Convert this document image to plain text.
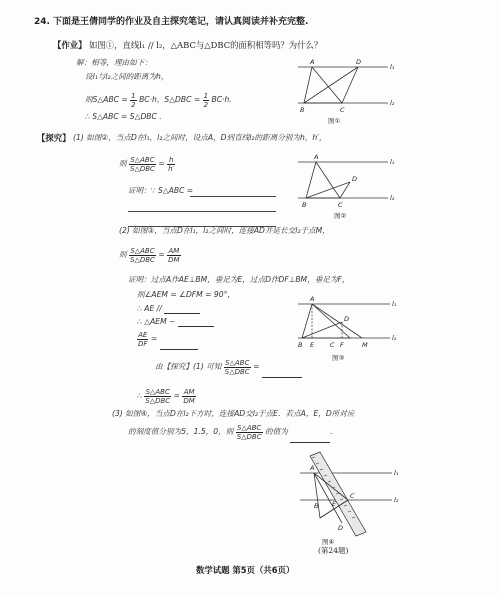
24. 下面是王倩同学的作业及自主探究笔记，请认真阅读并补充完整.
【作业】 如图①，直线l₁ // l₂，△ABC与△DBC的面积相等吗？为什么？
解：相等，理由如下：
设l₁与l₂之间的距离为h，
则S△ABC = $\frac{1}{2} BC\cdot h$，S△DBC = $\frac{1}{2} BC\cdot h$.
∴ S△ABC = S△DBC .
A	D
B	C
l₁
l₂
图①
【探究】 (1) 如图②，当点D在l₁，l₂之间时，设点A，D到直线l₂的距离分别为h，h′，
则 $\frac{\text{S△ABC}}{\text{S△DBC}} = \frac{h}{h'}$
证明：∵ S△ABC =
A
D
B	C
l₁
l₂
图②
(2) 如图③，当点D在l₁，l₂之间时，连接AD并延长交l₂于点M，
则 $\frac{\text{S△ABC}}{\text{S△DBC}} = \frac{AM}{DM}$
证明：过点A作AE⊥BM，垂足为E，过点D作DF⊥BM，垂足为F，
则∠AEM = ∠DFM = 90°，
∴ AE //
∴ △AEM ∽
$\frac{AE}{DF}$ =
由【探究】(1) 可知 $\frac{\text{S△ABC}}{\text{S△DBC}}$ =
∴ $\frac{\text{S△ABC}}{\text{S△DBC}} = \frac{AM}{DM}$
A
D
B E C F	M
l₁
l₂
图③
(3) 如图④，当点D在l₂下方时，连接AD交l₂于点E．若点A，E，D所对应
的刻度值分别为5，1.5，0，则 $\frac{\text{S△ABC}}{\text{S△DBC}}$ 的值为	.
A
B
C
E
D
l₁
l₂
图④
(第24题)
数学试题 第5页（共6页）
